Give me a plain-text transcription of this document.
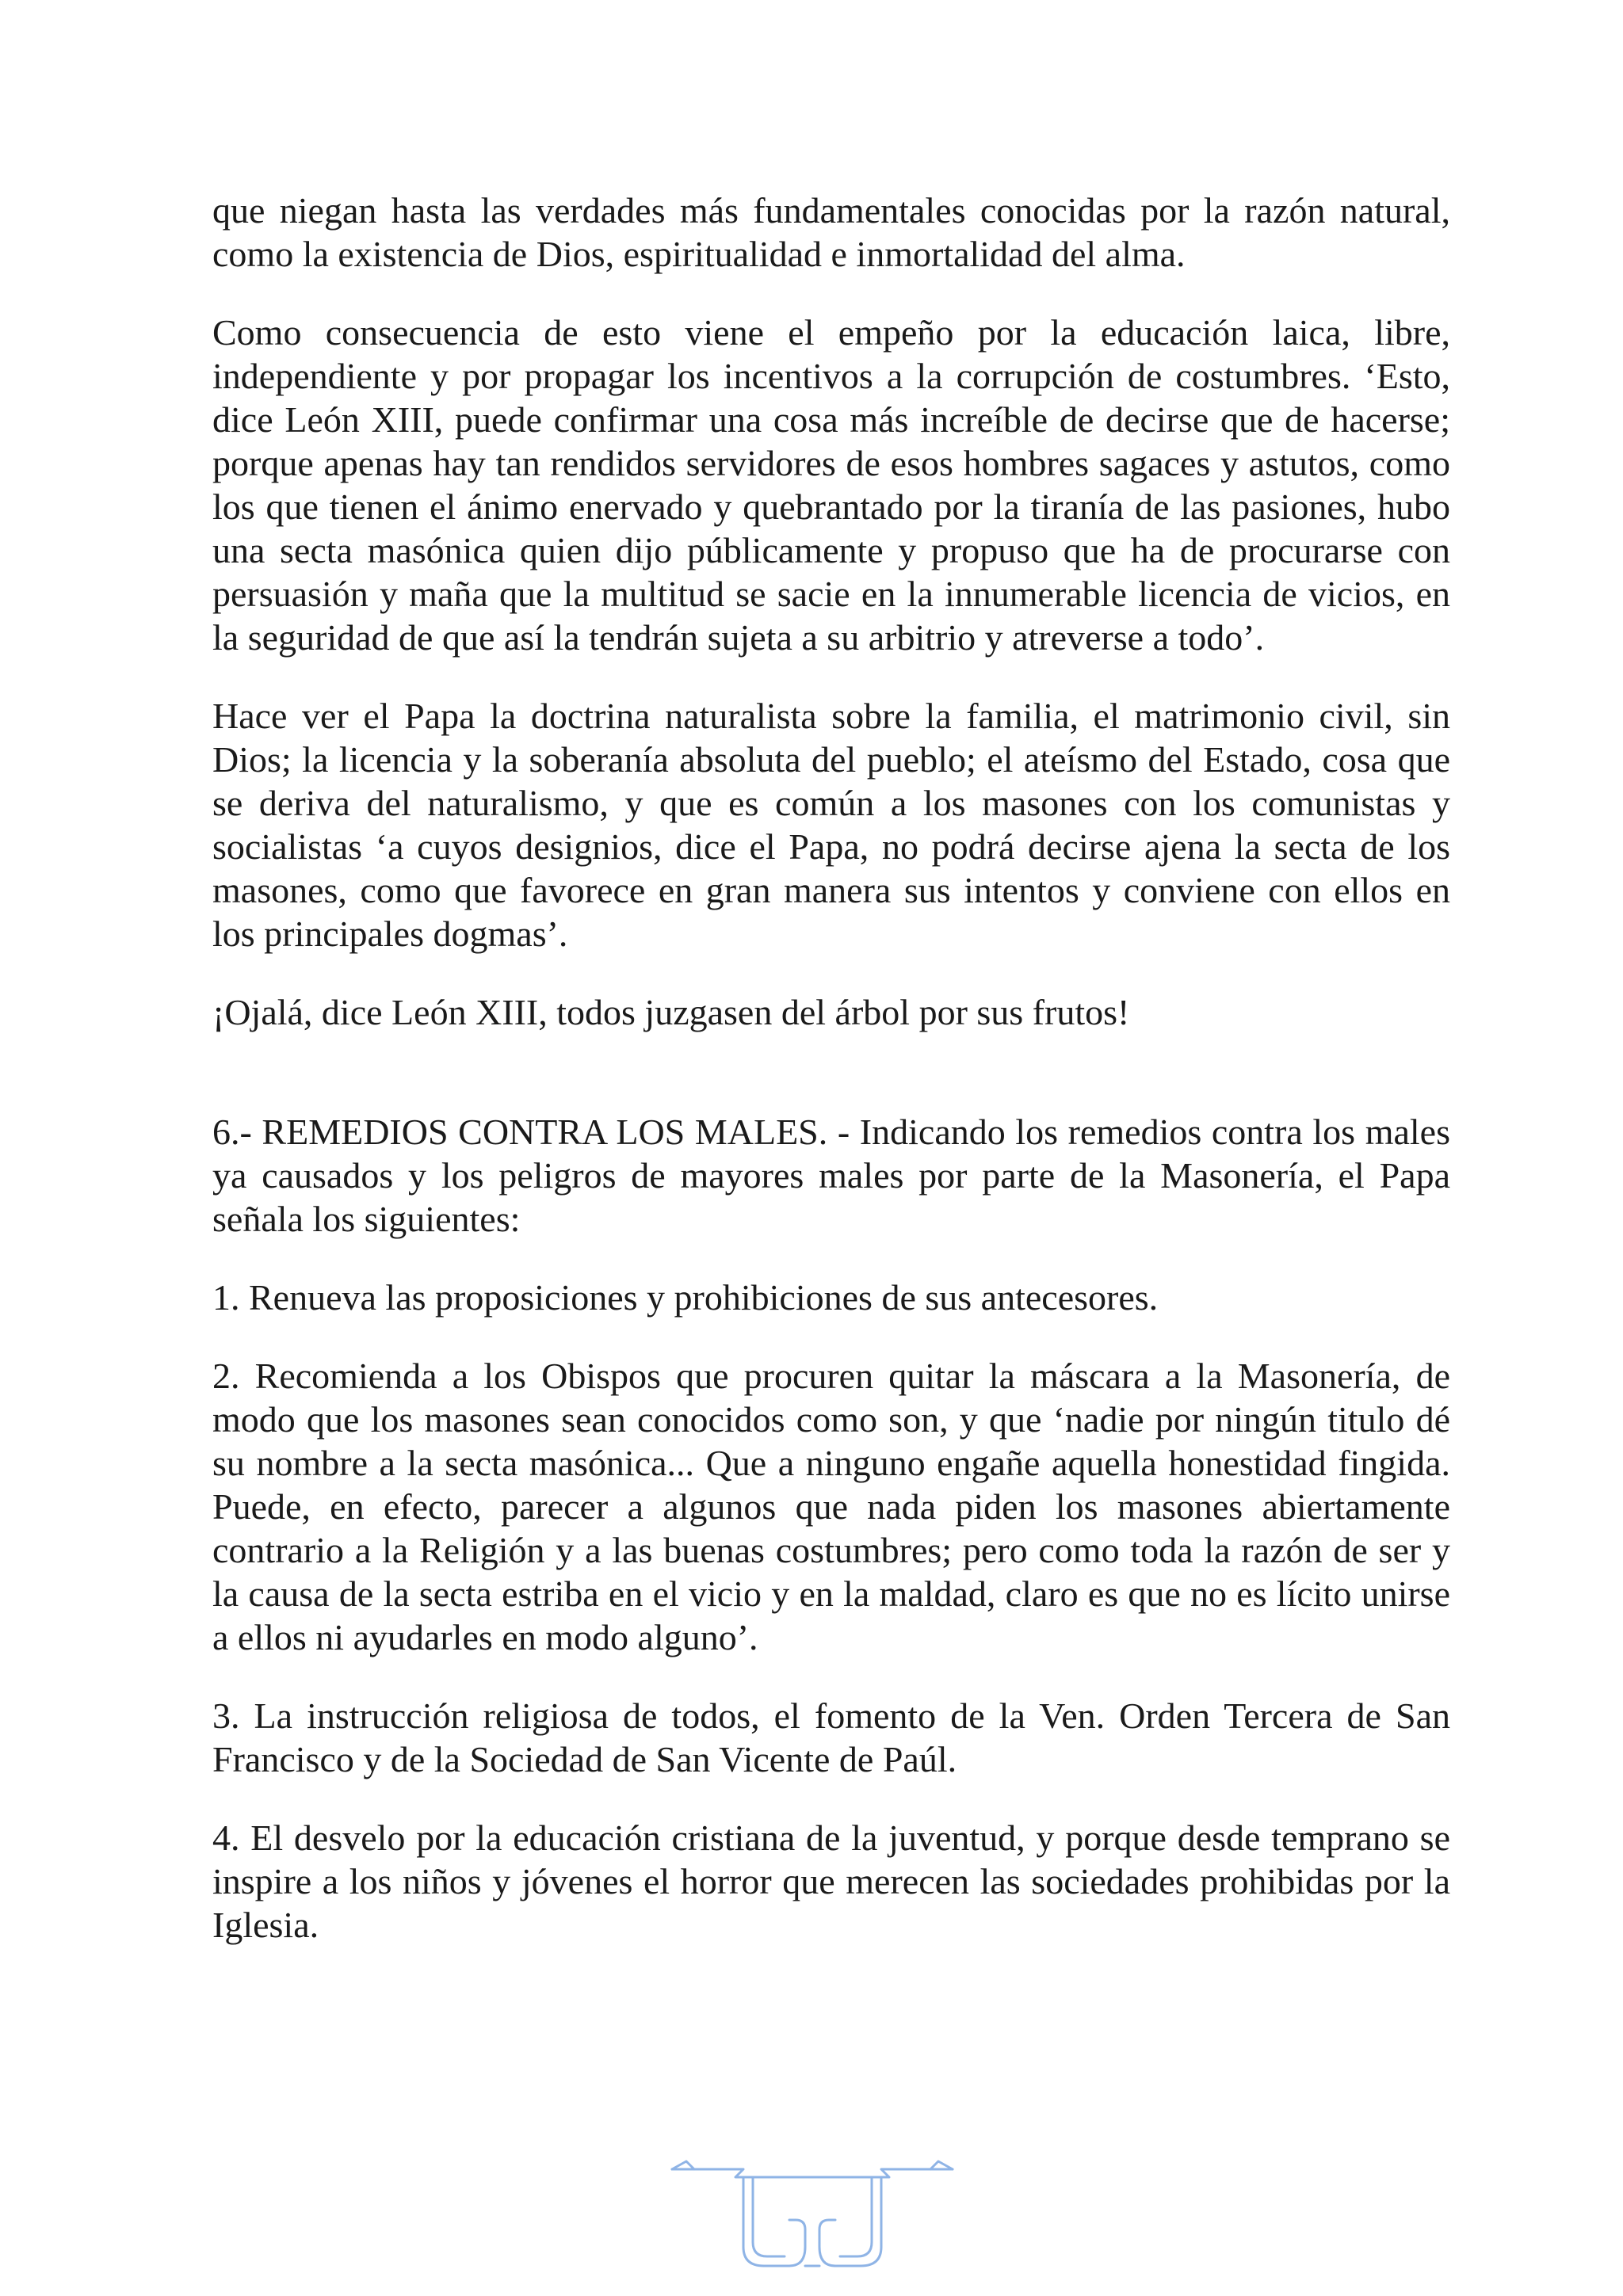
que niegan hasta las verdades más fundamentales conocidas por la razón natural, como la existencia de Dios, espiritualidad e inmortalidad del alma.

Como consecuencia de esto viene el empeño por la educación laica, libre, independiente y por propagar los incentivos a la corrupción de costumbres. ‘Esto, dice León XIII, puede confirmar una cosa más increíble de decirse que de hacerse; porque apenas hay tan rendidos servidores de esos hombres sagaces y astutos, como los que tienen el ánimo enervado y quebrantado por la tiranía de las pasiones, hubo una secta masónica quien dijo públicamente y propuso que ha de procurarse con persuasión y maña que la multitud se sacie en la innumerable licencia de vicios, en la seguridad de que así la tendrán sujeta a su arbitrio y atreverse a todo’.

Hace ver el Papa la doctrina naturalista sobre la familia, el matrimonio civil, sin Dios; la licencia y la soberanía absoluta del pueblo; el ateísmo del Estado, cosa que se deriva del naturalismo, y que es común a los masones con los comunistas y socialistas ‘a cuyos designios, dice el Papa, no podrá decirse ajena la secta de los masones, como que favorece en gran manera sus intentos y conviene con ellos en los principales dogmas’.

¡Ojalá, dice León XIII, todos juzgasen del árbol por sus frutos!

6.- REMEDIOS CONTRA LOS MALES. - Indicando los remedios contra los males ya causados y los peligros de mayores males por parte de la Masonería, el Papa señala los siguientes:

1. Renueva las proposiciones y prohibiciones de sus antecesores.

2. Recomienda a los Obispos que procuren quitar la máscara a la Masonería, de modo que los masones sean conocidos como son, y que ‘nadie por ningún titulo dé su nombre a la secta masónica... Que a ninguno engañe aquella honestidad fingida. Puede, en efecto, parecer a algunos que nada piden los masones abiertamente contrario a la Religión y a las buenas costumbres; pero como toda la razón de ser y la causa de la secta estriba en el vicio y en la maldad, claro es que no es lícito unirse a ellos ni ayudarles en modo alguno’.

3. La instrucción religiosa de todos, el fomento de la Ven. Orden Tercera de San Francisco y de la Sociedad de San Vicente de Paúl.

4. El desvelo por la educación cristiana de la juventud, y porque desde temprano se inspire a los niños y jóvenes el horror que merecen las sociedades prohibidas por la Iglesia.
